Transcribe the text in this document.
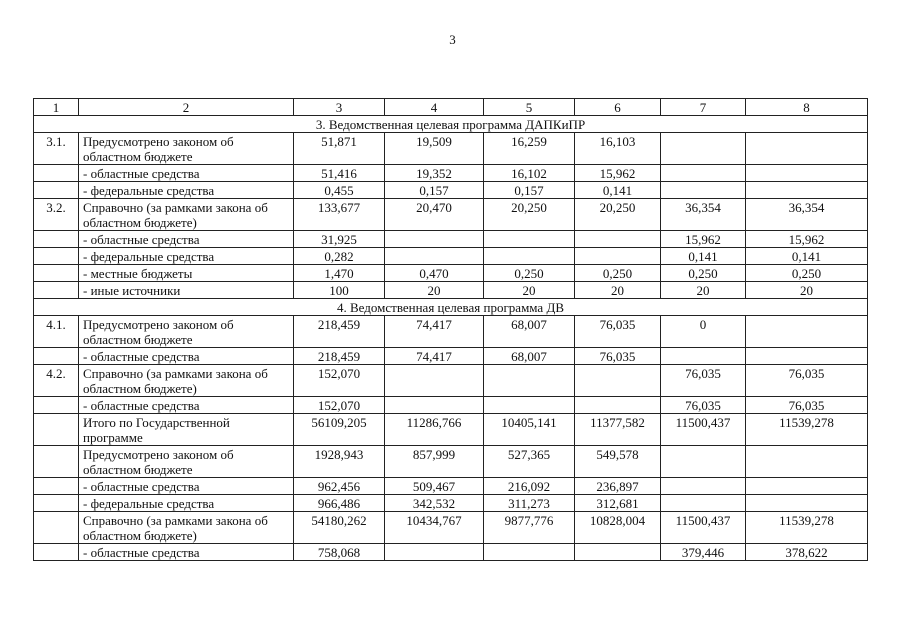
3
1	2	3	4	5	6	7	8
3. Ведомственная целевая программа ДАПКиПР							
3.1.	Предусмотрено законом об областном бюджете	51,871	19,509	16,259	16,103		
	- областные средства	51,416	19,352	16,102	15,962		
	- федеральные средства	0,455	0,157	0,157	0,141		
3.2.	Справочно (за рамками закона об областном бюджете)	133,677	20,470	20,250	20,250	36,354	36,354
	- областные средства	31,925				15,962	15,962
	- федеральные средства	0,282				0,141	0,141
	- местные бюджеты	1,470	0,470	0,250	0,250	0,250	0,250
	- иные источники	100	20	20	20	20	20
4. Ведомственная целевая программа ДВ							
4.1.	Предусмотрено законом об областном бюджете	218,459	74,417	68,007	76,035	0	
	- областные средства	218,459	74,417	68,007	76,035		
4.2.	Справочно (за рамками закона об областном бюджете)	152,070				76,035	76,035
	- областные средства	152,070				76,035	76,035
	Итого по Государственной программе	56109,205	11286,766	10405,141	11377,582	11500,437	11539,278
	Предусмотрено законом об областном бюджете	1928,943	857,999	527,365	549,578		
	- областные средства	962,456	509,467	216,092	236,897		
	- федеральные средства	966,486	342,532	311,273	312,681		
	Справочно (за рамками закона об областном бюджете)	54180,262	10434,767	9877,776	10828,004	11500,437	11539,278
	- областные средства	758,068				379,446	378,622
